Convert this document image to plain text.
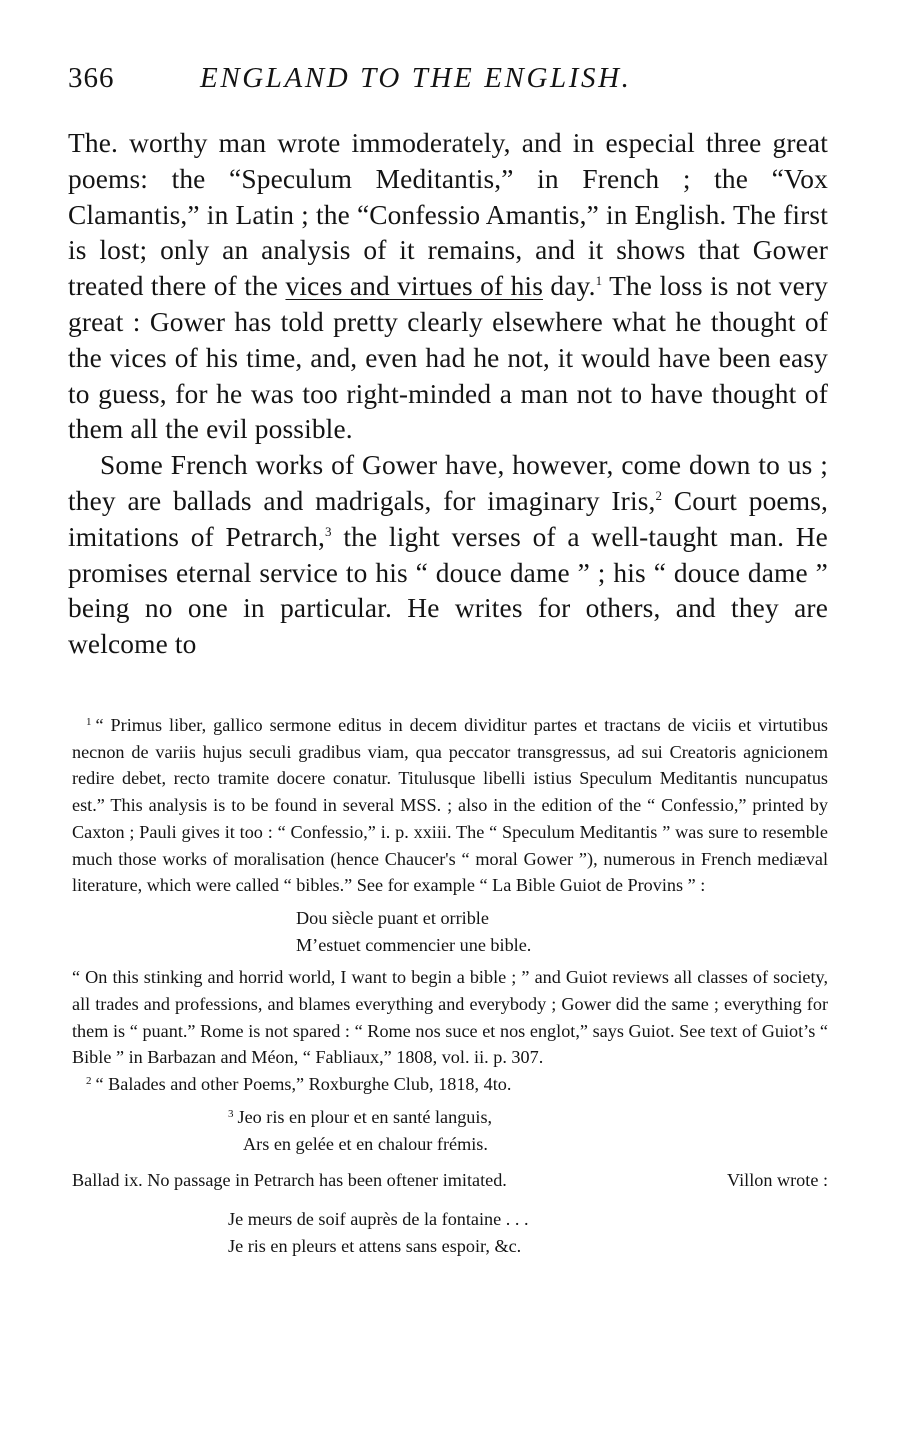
366	ENGLAND TO THE ENGLISH.

The. worthy man wrote immoderately, and in especial three great poems: the “Speculum Meditantis,” in French ; the “Vox Clamantis,” in Latin ; the “Confessio Amantis,” in English. The first is lost; only an analysis of it remains, and it shows that Gower treated there of the vices and virtues of his day.$^1$ The loss is not very great : Gower has told pretty clearly elsewhere what he thought of the vices of his time, and, even had he not, it would have been easy to guess, for he was too right-minded a man not to have thought of them all the evil possible.

Some French works of Gower have, however, come down to us ; they are ballads and madrigals, for imaginary Iris,$^2$ Court poems, imitations of Petrarch,$^3$ the light verses of a well-taught man. He promises eternal service to his “ douce dame ” ; his “ douce dame ” being no one in particular. He writes for others, and they are welcome to

$^1$ “ Primus liber, gallico sermone editus in decem dividitur partes et tractans de viciis et virtutibus necnon de variis hujus seculi gradibus viam, qua peccator transgressus, ad sui Creatoris agnicionem redire debet, recto tramite docere conatur. Titulusque libelli istius Speculum Meditantis nuncupatus est.” This analysis is to be found in several MSS. ; also in the edition of the “ Confessio,” printed by Caxton ; Pauli gives it too : “ Confessio,” i. p. xxiii. The “ Speculum Meditantis ” was sure to resemble much those works of moralisation (hence Chaucer's “ moral Gower ”), numerous in French mediæval literature, which were called “ bibles.” See for example “ La Bible Guiot de Provins ” :

Dou siècle puant et orrible
M’estuet commencier une bible.

“ On this stinking and horrid world, I want to begin a bible ; ” and Guiot reviews all classes of society, all trades and professions, and blames everything and everybody ; Gower did the same ; everything for them is “ puant.” Rome is not spared : “ Rome nos suce et nos englot,” says Guiot. See text of Guiot’s “ Bible ” in Barbazan and Méon, “ Fabliaux,” 1808, vol. ii. p. 307.

$^2$ “ Balades and other Poems,” Roxburghe Club, 1818, 4to.

$^3$ Jeo ris en plour et en santé languis,
Ars en gelée et en chalour frémis.
Ballad ix. No passage in Petrarch has been oftener imitated.	Villon wrote :
Je meurs de soif auprès de la fontaine . . .
Je ris en pleurs et attens sans espoir, &c.
